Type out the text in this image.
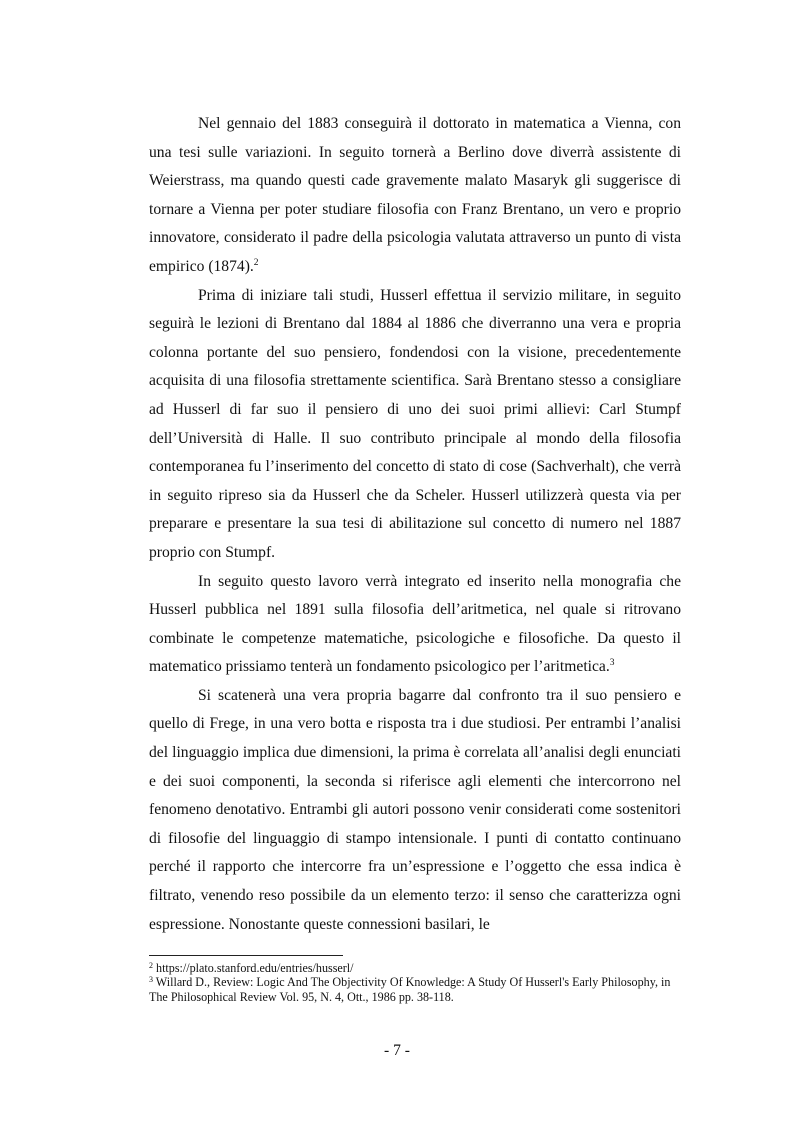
Nel gennaio del 1883 conseguirà il dottorato in matematica a Vienna, con una tesi sulle variazioni. In seguito tornerà a Berlino dove diverrà assistente di Weierstrass, ma quando questi cade gravemente malato Masaryk gli suggerisce di tornare a Vienna per poter studiare filosofia con Franz Brentano, un vero e proprio innovatore, considerato il padre della psicologia valutata attraverso un punto di vista empirico (1874).$^2$

Prima di iniziare tali studi, Husserl effettua il servizio militare, in seguito seguirà le lezioni di Brentano dal 1884 al 1886 che diverranno una vera e propria colonna portante del suo pensiero, fondendosi con la visione, precedentemente acquisita di una filosofia strettamente scientifica. Sarà Brentano stesso a consigliare ad Husserl di far suo il pensiero di uno dei suoi primi allievi: Carl Stumpf dell’Università di Halle. Il suo contributo principale al mondo della filosofia contemporanea fu l’inserimento del concetto di stato di cose (Sachverhalt), che verrà in seguito ripreso sia da Husserl che da Scheler. Husserl utilizzerà questa via per preparare e presentare la sua tesi di abilitazione sul concetto di numero nel 1887 proprio con Stumpf.

In seguito questo lavoro verrà integrato ed inserito nella monografia che Husserl pubblica nel 1891 sulla filosofia dell’aritmetica, nel quale si ritrovano combinate le competenze matematiche, psicologiche e filosofiche. Da questo il matematico prissiamo tenterà un fondamento psicologico per l’aritmetica.$^3$

Si scatenerà una vera propria bagarre dal confronto tra il suo pensiero e quello di Frege, in una vero botta e risposta tra i due studiosi. Per entrambi l’analisi del linguaggio implica due dimensioni, la prima è correlata all’analisi degli enunciati e dei suoi componenti, la seconda si riferisce agli elementi che intercorrono nel fenomeno denotativo. Entrambi gli autori possono venir considerati come sostenitori di filosofie del linguaggio di stampo intensionale. I punti di contatto continuano perché il rapporto che intercorre fra un’espressione e l’oggetto che essa indica è filtrato, venendo reso possibile da un elemento terzo: il senso che caratterizza ogni espressione. Nonostante queste connessioni basilari, le

$^2$ https://plato.stanford.edu/entries/husserl/

$^3$ Willard D., Review: Logic And The Objectivity Of Knowledge: A Study Of Husserl's Early Philosophy, in The Philosophical Review Vol. 95, N. 4, Ott., 1986 pp. 38-118.

- 7 -
